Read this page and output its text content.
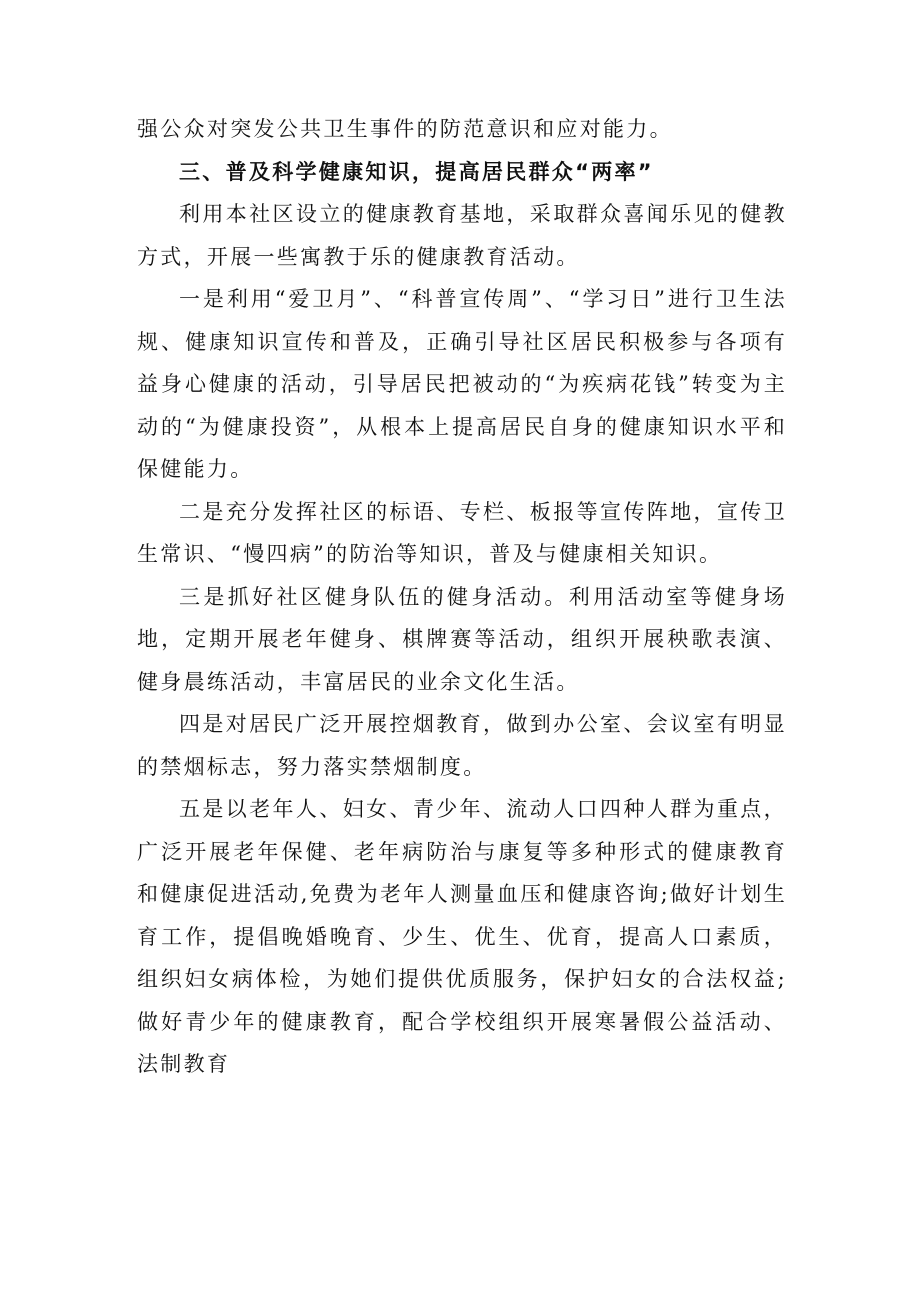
强公众对突发公共卫生事件的防范意识和应对能力。

三、普及科学健康知识，提高居民群众“两率”

利用本社区设立的健康教育基地，采取群众喜闻乐见的健教方式，开展一些寓教于乐的健康教育活动。

一是利用“爱卫月”、“科普宣传周”、“学习日”进行卫生法规、健康知识宣传和普及，正确引导社区居民积极参与各项有益身心健康的活动，引导居民把被动的“为疾病花钱”转变为主动的“为健康投资”，从根本上提高居民自身的健康知识水平和保健能力。

二是充分发挥社区的标语、专栏、板报等宣传阵地，宣传卫生常识、“慢四病”的防治等知识，普及与健康相关知识。

三是抓好社区健身队伍的健身活动。利用活动室等健身场地，定期开展老年健身、棋牌赛等活动，组织开展秧歌表演、健身晨练活动，丰富居民的业余文化生活。

四是对居民广泛开展控烟教育，做到办公室、会议室有明显的禁烟标志，努力落实禁烟制度。

五是以老年人、妇女、青少年、流动人口四种人群为重点，广泛开展老年保健、老年病防治与康复等多种形式的健康教育和健康促进活动,免费为老年人测量血压和健康咨询;做好计划生育工作，提倡晚婚晚育、少生、优生、优育，提高人口素质，组织妇女病体检，为她们提供优质服务，保护妇女的合法权益;做好青少年的健康教育，配合学校组织开展寒暑假公益活动、法制教育
